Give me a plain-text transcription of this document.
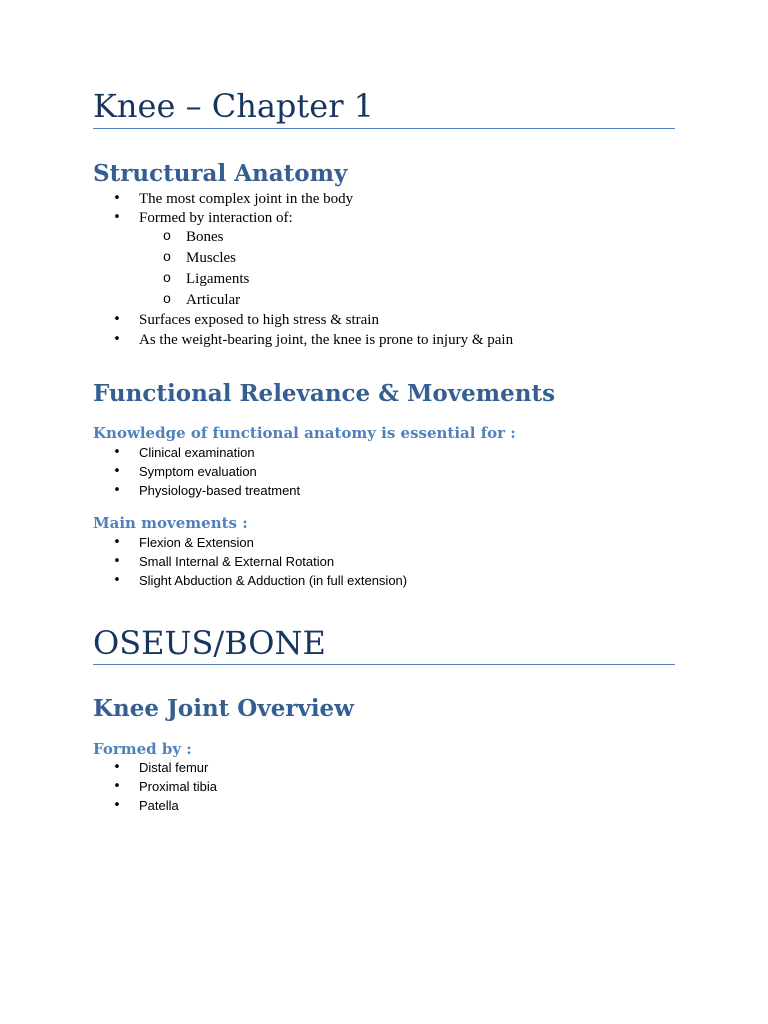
Knee – Chapter 1
Structural Anatomy
• The most complex joint in the body
• Formed by interaction of:
o Bones
o Muscles
o Ligaments
o Articular
• Surfaces exposed to high stress & strain
• As the weight-bearing joint, the knee is prone to injury & pain
Functional Relevance & Movements
Knowledge of functional anatomy is essential for :
• Clinical examination
• Symptom evaluation
• Physiology-based treatment
Main movements :
• Flexion & Extension
• Small Internal & External Rotation
• Slight Abduction & Adduction (in full extension)
OSEUS/BONE
Knee Joint Overview
Formed by :
• Distal femur
• Proximal tibia
• Patella
